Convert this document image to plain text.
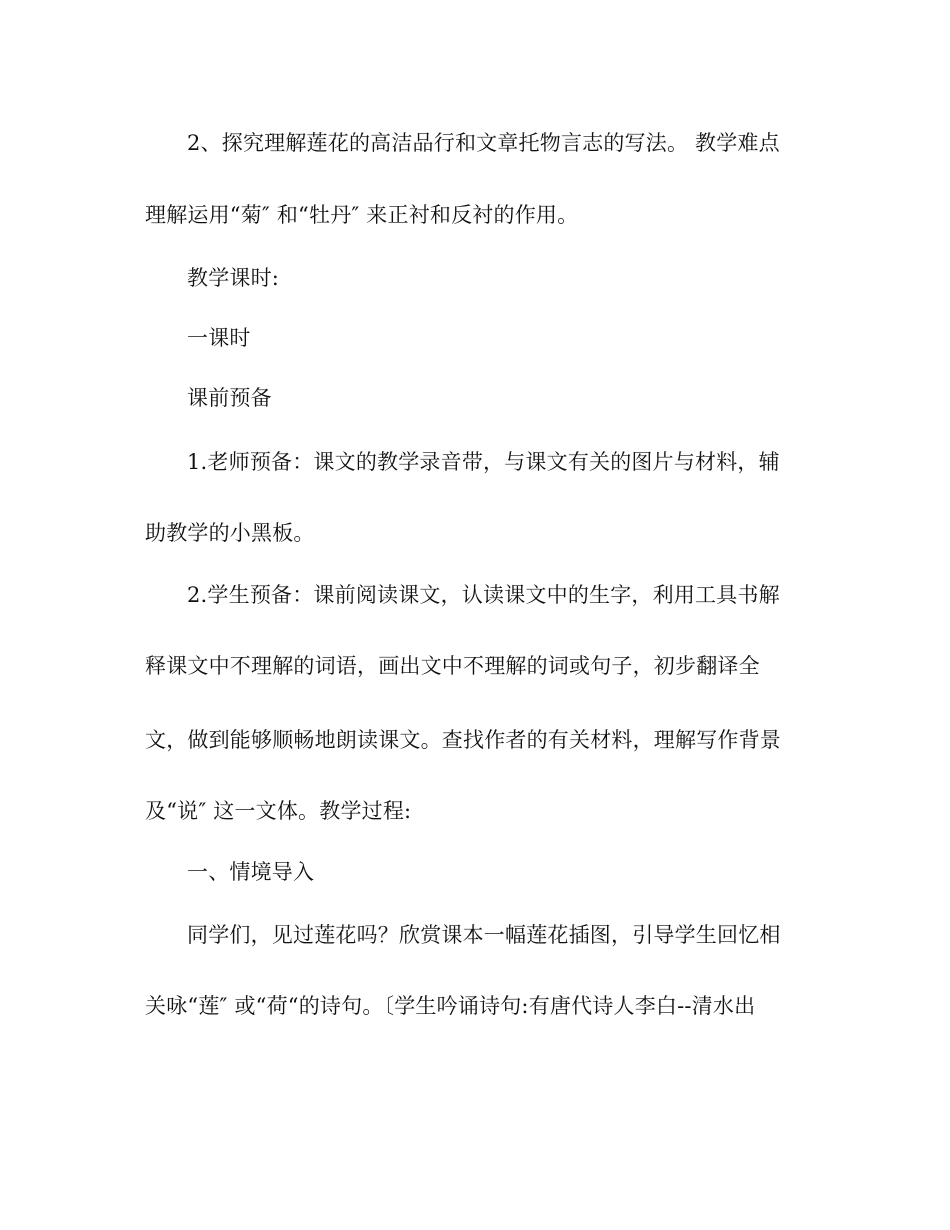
2、探究理解莲花的高洁品行和文章托物言志的写法。 教学难点
理解运用“菊″ 和“牡丹″ 来正衬和反衬的作用。
教学课时:
一课时
课前预备
1.老师预备：课文的教学录音带，与课文有关的图片与材料，辅
助教学的小黑板。
2.学生预备：课前阅读课文，认读课文中的生字，利用工具书解
释课文中不理解的词语，画出文中不理解的词或句子，初步翻译全
文，做到能够顺畅地朗读课文。查找作者的有关材料，理解写作背景
及“说″ 这一文体。教学过程:
一、情境导入
同学们，见过莲花吗？欣赏课本一幅莲花插图，引导学生回忆相
关咏“莲″ 或“荷“的诗句。〔学生吟诵诗句:有唐代诗人李白--清水出
